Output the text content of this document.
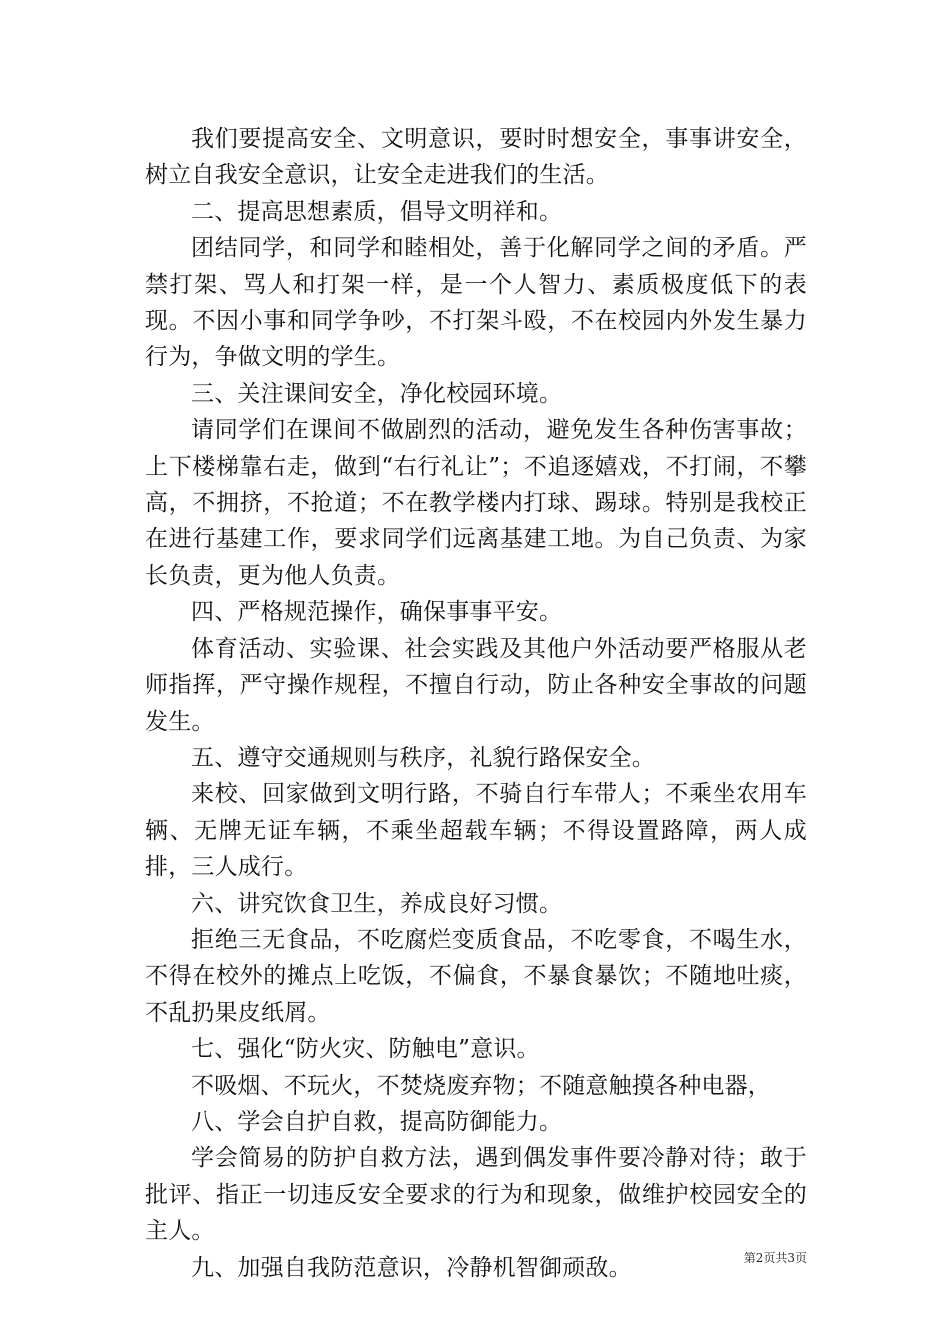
我们要提高安全、文明意识，要时时想安全，事事讲安全，树立自我安全意识，让安全走进我们的生活。

二、提高思想素质，倡导文明祥和。

团结同学，和同学和睦相处，善于化解同学之间的矛盾。严禁打架、骂人和打架一样，是一个人智力、素质极度低下的表现。不因小事和同学争吵，不打架斗殴，不在校园内外发生暴力行为，争做文明的学生。

三、关注课间安全，净化校园环境。

请同学们在课间不做剧烈的活动，避免发生各种伤害事故；上下楼梯靠右走，做到“右行礼让”；不追逐嬉戏，不打闹，不攀高，不拥挤，不抢道；不在教学楼内打球、踢球。特别是我校正在进行基建工作，要求同学们远离基建工地。为自己负责、为家长负责，更为他人负责。

四、严格规范操作，确保事事平安。

体育活动、实验课、社会实践及其他户外活动要严格服从老师指挥，严守操作规程，不擅自行动，防止各种安全事故的问题发生。

五、遵守交通规则与秩序，礼貌行路保安全。

来校、回家做到文明行路，不骑自行车带人；不乘坐农用车辆、无牌无证车辆，不乘坐超载车辆；不得设置路障，两人成排，三人成行。

六、讲究饮食卫生，养成良好习惯。

拒绝三无食品，不吃腐烂变质食品，不吃零食，不喝生水，不得在校外的摊点上吃饭，不偏食，不暴食暴饮；不随地吐痰，不乱扔果皮纸屑。

七、强化“防火灾、防触电”意识。

不吸烟、不玩火，不焚烧废弃物；不随意触摸各种电器，

八、学会自护自救，提高防御能力。

学会简易的防护自救方法，遇到偶发事件要冷静对待；敢于批评、指正一切违反安全要求的行为和现象，做维护校园安全的主人。

九、加强自我防范意识，冷静机智御顽敌。	第2页共3页
